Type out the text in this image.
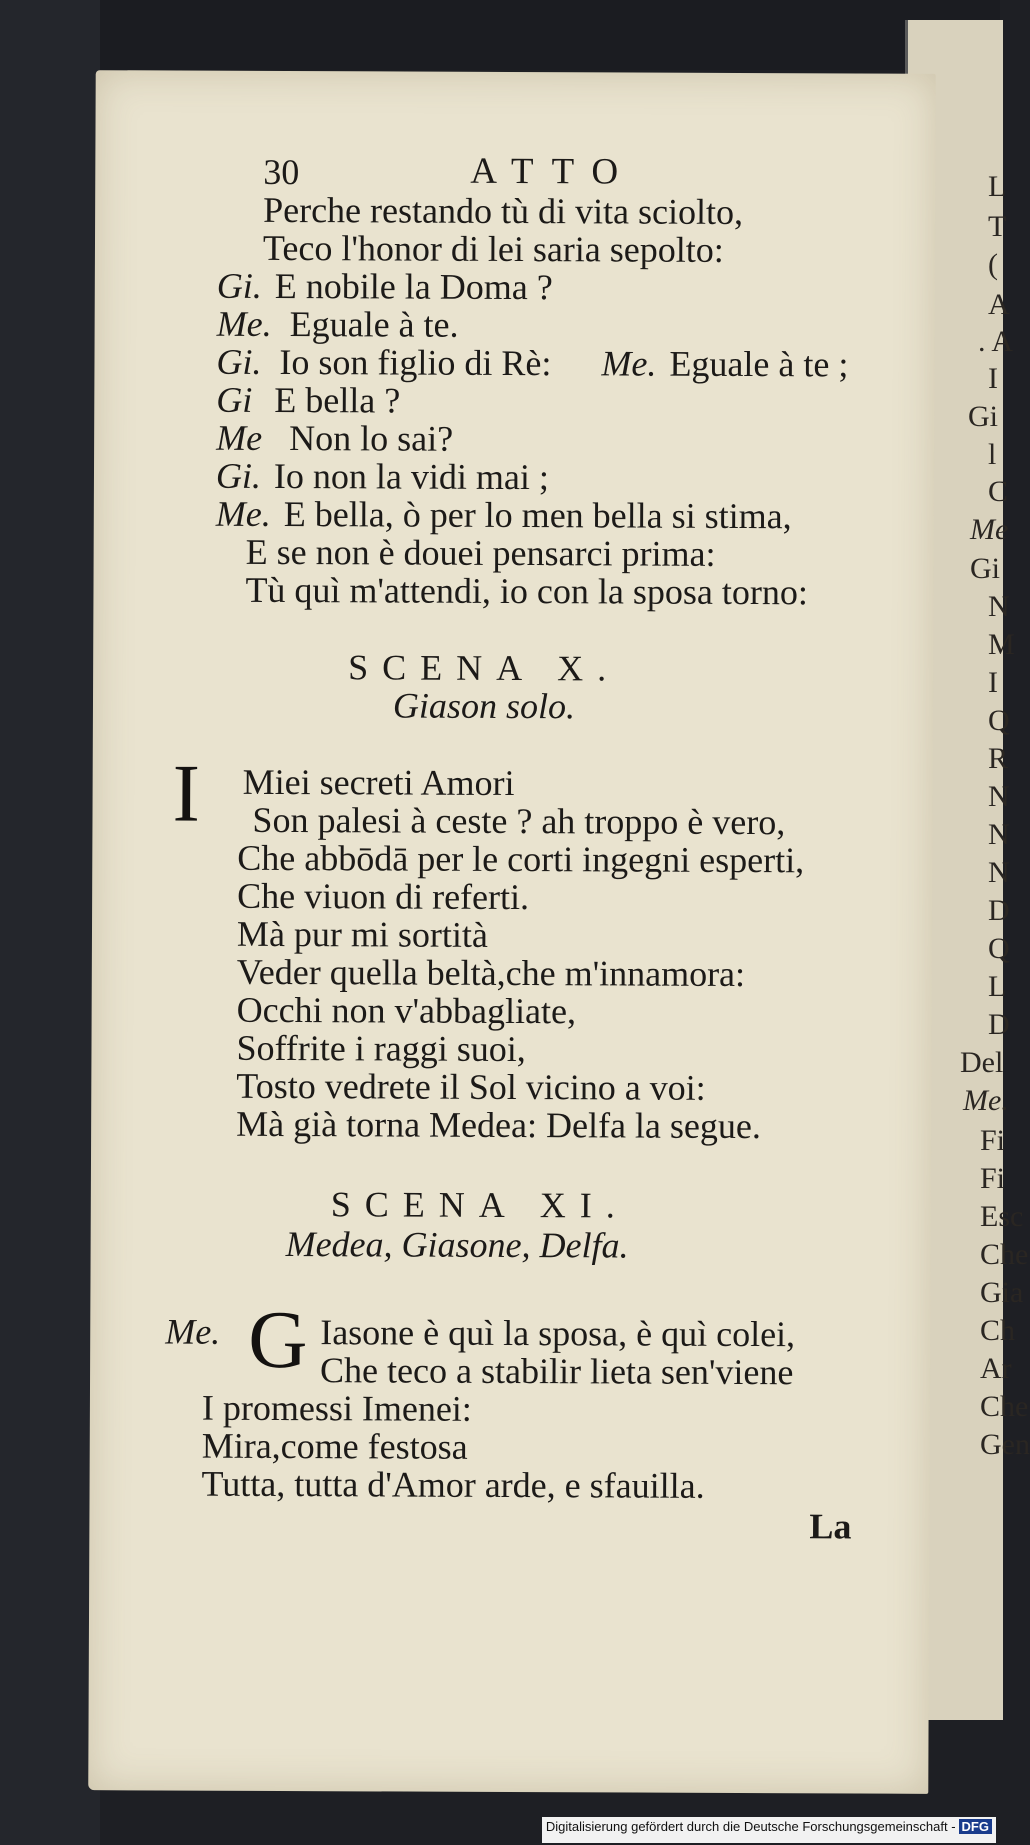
L
T
(
A
. A
I
Gi
l
C
Me
Gi
N
M
I
Q
R
N
N
N
D
Q
L
D
Del
Me.
Fi
Fi
Esc
Che
Gia
Ch
Ar
Che
Gen
30	ATTO
Perche restando tù di vita sciolto,
Teco l'honor di lei saria sepolto:
Gi. E nobile la Doma ?
Me. Eguale à te.
Gi. Io son figlio di Rè: Me. Eguale à te ;
Gi E bella ?
Me Non lo sai?
Gi. Io non la vidi mai ;
Me. E bella, ò per lo men bella si stima,
E se non è douei pensarci prima:
Tù quì m'attendi, io con la sposa torno:
SCENA X.
Giason solo.
I Miei secreti Amori
Son palesi à ceste ? ah troppo è vero,
Che abbōdā per le corti ingegni esperti,
Che viuon di referti.
Mà pur mi sortità
Veder quella beltà,che m'innamora:
Occhi non v'abbagliate,
Soffrite i raggi suoi,
Tosto vedrete il Sol vicino a voi:
Mà già torna Medea: Delfa la segue.
SCENA XI.
Medea, Giasone, Delfa.
Me. G Iasone è quì la sposa, è quì colei,
Che teco a stabilir lieta sen'viene
I promessi Imenei:
Mira,come festosa
Tutta, tutta d'Amor arde, e sfauilla.
La
Digitalisierung gefördert durch die Deutsche Forschungsgemeinschaft - DFG
